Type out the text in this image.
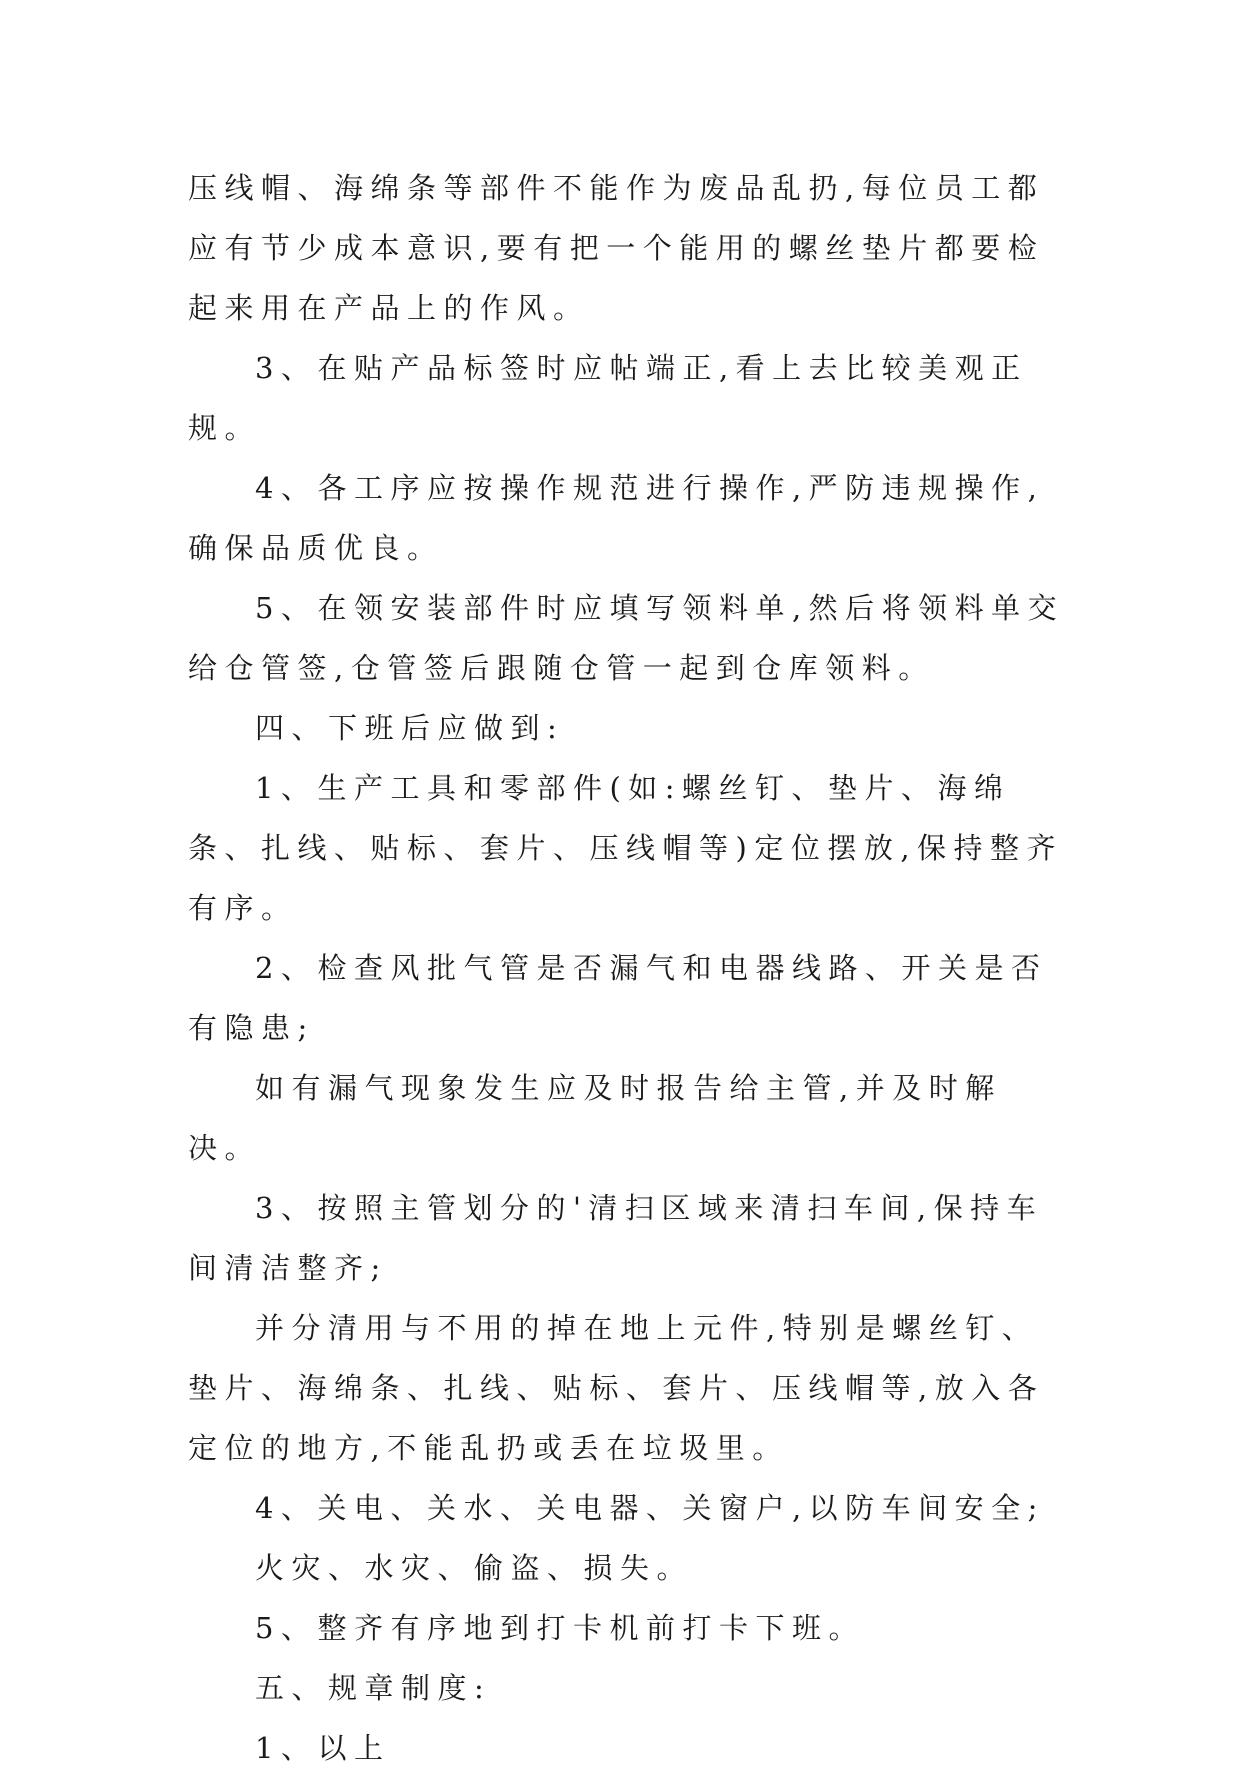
压线帽、海绵条等部件不能作为废品乱扔,每位员工都应有节少成本意识,要有把一个能用的螺丝垫片都要检起来用在产品上的作风。

3、在贴产品标签时应帖端正,看上去比较美观正规。

4、各工序应按操作规范进行操作,严防违规操作,确保品质优良。

5、在领安装部件时应填写领料单,然后将领料单交给仓管签,仓管签后跟随仓管一起到仓库领料。

四、下班后应做到:

1、生产工具和零部件(如:螺丝钉、垫片、海绵条、扎线、贴标、套片、压线帽等)定位摆放,保持整齐有序。

2、检查风批气管是否漏气和电器线路、开关是否有隐患;

如有漏气现象发生应及时报告给主管,并及时解决。

3、按照主管划分的'清扫区域来清扫车间,保持车间清洁整齐;

并分清用与不用的掉在地上元件,特别是螺丝钉、垫片、海绵条、扎线、贴标、套片、压线帽等,放入各定位的地方,不能乱扔或丢在垃圾里。

4、关电、关水、关电器、关窗户,以防车间安全;

火灾、水灾、偷盗、损失。

5、整齐有序地到打卡机前打卡下班。

五、规章制度:

1、以上
